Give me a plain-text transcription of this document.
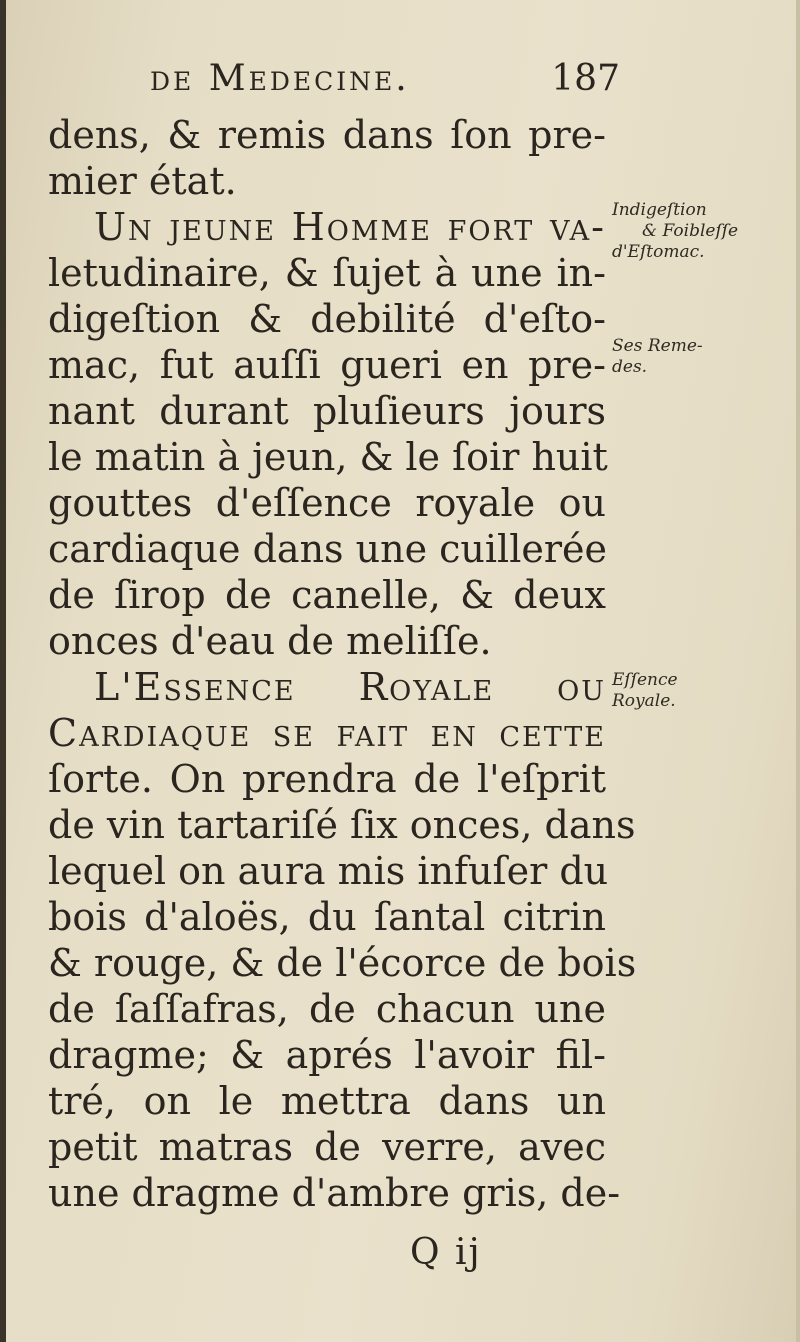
de Medecine.	187
dens, & remis dans ſon pre-
mier état.
Un jeune Homme fort va-
letudinaire, & ſujet à une in-
digeſtion & debilité d'eſto-
mac, fut auſſi gueri en pre-
nant durant pluſieurs jours
le matin à jeun, & le ſoir huit
gouttes d'eſſence royale ou
cardiaque dans une cuillerée
de ſirop de canelle, & deux
onces d'eau de meliſſe.
L'Essence Royale ou
Cardiaque ſe fait en cette
ſorte. On prendra de l'eſprit
de vin tartariſé ſix onces, dans
lequel on aura mis infuſer du
bois d'aloës, du ſantal citrin
& rouge, & de l'écorce de bois
de ſaſſafras, de chacun une
dragme; & aprés l'avoir fil-
tré, on le mettra dans un
petit matras de verre, avec
une dragme d'ambre gris, de-
Indigeſtion
& Foibleſſe
d'Eſtomac.
Ses Reme-
des.
Eſſence
Royale.
Q ij
